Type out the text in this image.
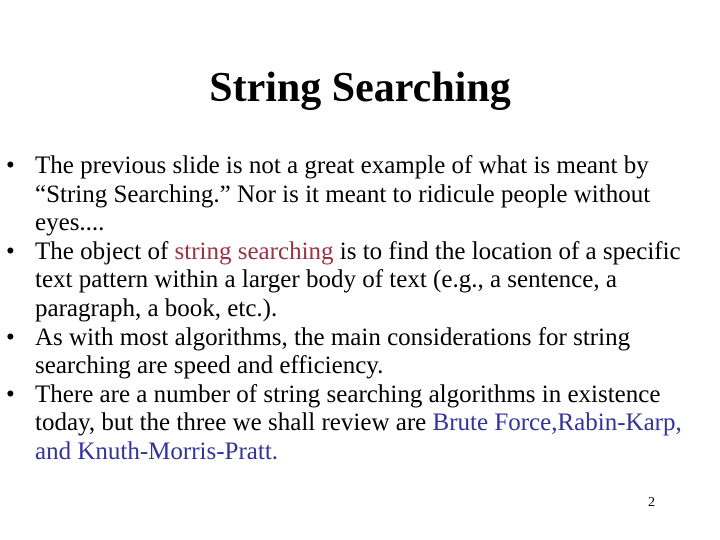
String Searching
• The previous slide is not a great example of what is meant by “String Searching.” Nor is it meant to ridicule people without eyes....
• The object of string searching is to find the location of a specific text pattern within a larger body of text (e.g., a sentence, a paragraph, a book, etc.).
• As with most algorithms, the main considerations for string searching are speed and efficiency.
• There are a number of string searching algorithms in existence today, but the three we shall review are Brute Force,Rabin-Karp, and Knuth-Morris-Pratt.
2
